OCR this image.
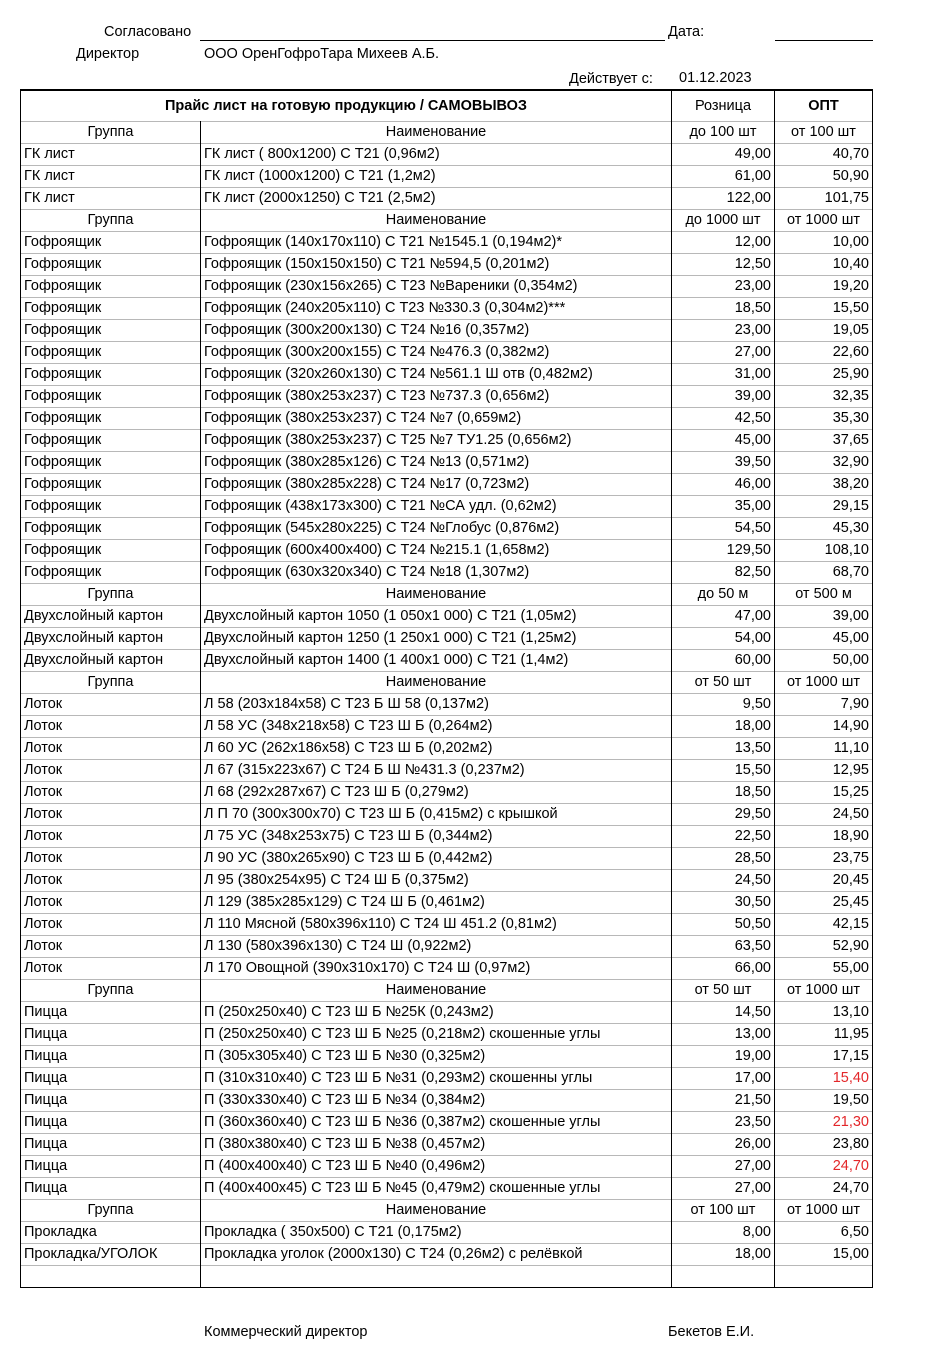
Согласовано	Дата:
Директор	ООО ОренГофроТара Михеев А.Б.
Действует с: 01.12.2023
Прайс лист на готовую продукцию / САМОВЫВОЗ		Розница	ОПТ
Группа	Наименование	до 100 шт	от 100 шт
ГК лист	ГК лист ( 800х1200) С Т21 (0,96м2)	49,00	40,70
ГК лист	ГК лист (1000х1200) С Т21 (1,2м2)	61,00	50,90
ГК лист	ГК лист (2000х1250) С Т21 (2,5м2)	122,00	101,75
Группа	Наименование	до 1000 шт	от 1000 шт
Гофроящик	Гофроящик (140х170х110) С Т21 №1545.1 (0,194м2)*	12,00	10,00
Гофроящик	Гофроящик (150х150х150) С Т21 №594,5 (0,201м2)	12,50	10,40
Гофроящик	Гофроящик (230х156х265) С Т23 №Вареники (0,354м2)	23,00	19,20
Гофроящик	Гофроящик (240х205х110) С Т23 №330.3 (0,304м2)***	18,50	15,50
Гофроящик	Гофроящик (300х200х130) С Т24 №16 (0,357м2)	23,00	19,05
Гофроящик	Гофроящик (300х200х155) С Т24 №476.3 (0,382м2)	27,00	22,60
Гофроящик	Гофроящик (320х260х130) С Т24 №561.1 Ш отв (0,482м2)	31,00	25,90
Гофроящик	Гофроящик (380х253х237) С Т23 №737.3 (0,656м2)	39,00	32,35
Гофроящик	Гофроящик (380х253х237) С Т24 №7 (0,659м2)	42,50	35,30
Гофроящик	Гофроящик (380х253х237) С Т25 №7 ТУ1.25 (0,656м2)	45,00	37,65
Гофроящик	Гофроящик (380х285х126) С Т24 №13 (0,571м2)	39,50	32,90
Гофроящик	Гофроящик (380х285х228) С Т24 №17 (0,723м2)	46,00	38,20
Гофроящик	Гофроящик (438х173х300) С Т21 №СА удл. (0,62м2)	35,00	29,15
Гофроящик	Гофроящик (545х280х225) С Т24 №Глобус (0,876м2)	54,50	45,30
Гофроящик	Гофроящик (600х400х400) С Т24 №215.1 (1,658м2)	129,50	108,10
Гофроящик	Гофроящик (630х320х340) С Т24 №18 (1,307м2)	82,50	68,70
Группа	Наименование	до 50 м	от 500 м
Двухслойный картон	Двухслойный картон 1050 (1 050х1 000) С Т21 (1,05м2)	47,00	39,00
Двухслойный картон	Двухслойный картон 1250 (1 250х1 000) С Т21 (1,25м2)	54,00	45,00
Двухслойный картон	Двухслойный картон 1400 (1 400х1 000) С Т21 (1,4м2)	60,00	50,00
Группа	Наименование	от 50 шт	от 1000 шт
Лоток	Л 58 (203х184х58) С Т23 Б Ш 58 (0,137м2)	9,50	7,90
Лоток	Л 58 УС (348х218х58) С Т23 Ш Б (0,264м2)	18,00	14,90
Лоток	Л 60 УС (262х186х58) С Т23 Ш Б (0,202м2)	13,50	11,10
Лоток	Л 67 (315х223х67) С Т24 Б Ш №431.3 (0,237м2)	15,50	12,95
Лоток	Л 68 (292х287х67) С Т23 Ш Б (0,279м2)	18,50	15,25
Лоток	Л П 70 (300х300х70) С Т23 Ш Б (0,415м2) с крышкой	29,50	24,50
Лоток	Л 75 УС (348х253х75) С Т23 Ш Б (0,344м2)	22,50	18,90
Лоток	Л 90 УС (380х265х90) С Т23 Ш Б (0,442м2)	28,50	23,75
Лоток	Л 95 (380х254х95) С Т24 Ш Б (0,375м2)	24,50	20,45
Лоток	Л 129 (385х285х129) С Т24 Ш Б (0,461м2)	30,50	25,45
Лоток	Л 110 Мясной (580х396х110) С Т24 Ш 451.2 (0,81м2)	50,50	42,15
Лоток	Л 130 (580х396х130) С Т24 Ш (0,922м2)	63,50	52,90
Лоток	Л 170 Овощной (390х310х170) С Т24 Ш (0,97м2)	66,00	55,00
Группа	Наименование	от 50 шт	от 1000 шт
Пицца	П (250х250х40) С Т23 Ш Б №25К (0,243м2)	14,50	13,10
Пицца	П (250х250х40) С Т23 Ш Б №25 (0,218м2) скошенные углы	13,00	11,95
Пицца	П (305х305х40) С Т23 Ш Б №30 (0,325м2)	19,00	17,15
Пицца	П (310х310х40) С Т23 Ш Б №31 (0,293м2) скошенны углы	17,00	15,40
Пицца	П (330х330х40) С Т23 Ш Б №34 (0,384м2)	21,50	19,50
Пицца	П (360х360х40) С Т23 Ш Б №36 (0,387м2) скошенные углы	23,50	21,30
Пицца	П (380х380х40) С Т23 Ш Б №38 (0,457м2)	26,00	23,80
Пицца	П (400х400х40) С Т23 Ш Б №40 (0,496м2)	27,00	24,70
Пицца	П (400х400х45) С Т23 Ш Б №45 (0,479м2) скошенные углы	27,00	24,70
Группа	Наименование	от 100 шт	от 1000 шт
Прокладка	Прокладка ( 350х500) С Т21 (0,175м2)	8,00	6,50
Прокладка/УГОЛОК	Прокладка уголок (2000х130) С Т24 (0,26м2) с релёвкой	18,00	15,00

Коммерческий директор	Бекетов Е.И.
